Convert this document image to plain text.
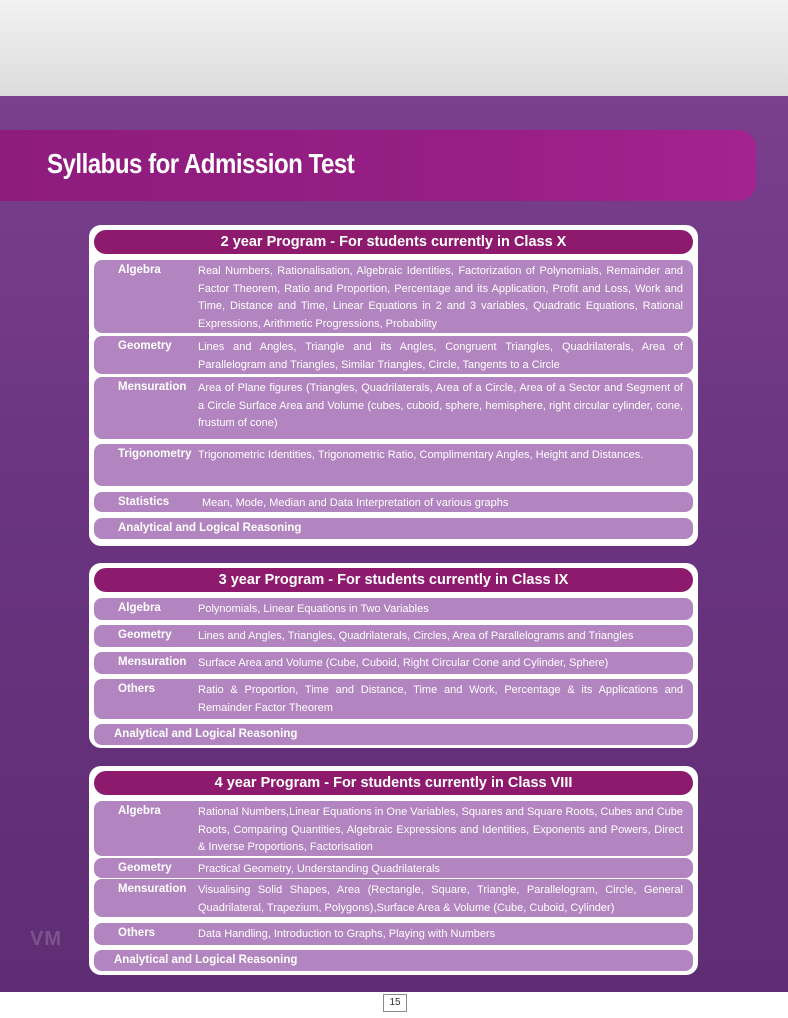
VM
Syllabus for Admission Test
2 year Program - For students currently in Class X
Algebra	Real Numbers, Rationalisation, Algebraic Identities, Factorization of Polynomials, Remainder and Factor Theorem, Ratio and Proportion, Percentage and its Application, Profit and Loss, Work and Time, Distance and Time, Linear Equations in 2 and 3 variables, Quadratic Equations, Rational Expressions, Arithmetic Progressions, Probability
Geometry Lines and Angles, Triangle and its Angles, Congruent Triangles, Quadrilaterals, Area of Parallelogram and Triangles, Similar Triangles, Circle, Tangents to a Circle
Mensuration Area of Plane figures (Triangles, Quadrilaterals, Area of a Circle, Area of a Sector and Segment of a Circle Surface Area and Volume (cubes, cuboid, sphere, hemisphere, right circular cylinder, cone, frustum of cone)
Trigonometry Trigonometric Identities, Trigonometric Ratio, Complimentary Angles, Height and Distances.
Statistics	Mean, Mode, Median and Data Interpretation of various graphs
Analytical and Logical Reasoning
3 year Program - For students currently in Class IX
Algebra	Polynomials, Linear Equations in Two Variables
Geometry Lines and Angles, Triangles, Quadrilaterals, Circles, Area of Parallelograms and Triangles
Mensuration Surface Area and Volume (Cube, Cuboid, Right Circular Cone and Cylinder, Sphere)
Others	Ratio & Proportion, Time and Distance, Time and Work, Percentage & its Applications and Remainder Factor Theorem
Analytical and Logical Reasoning
4 year Program - For students currently in Class VIII
Algebra	Rational Numbers,Linear Equations in One Variables, Squares and Square Roots, Cubes and Cube Roots, Comparing Quantities, Algebraic Expressions and Identities, Exponents and Powers, Direct & Inverse Proportions, Factorisation
Geometry Practical Geometry, Understanding Quadrilaterals
Mensuration Visualising Solid Shapes, Area (Rectangle, Square, Triangle, Parallelogram, Circle, General Quadrilateral, Trapezium, Polygons),Surface Area & Volume (Cube, Cuboid, Cylinder)
Others	Data Handling, Introduction to Graphs, Playing with Numbers
Analytical and Logical Reasoning
15
